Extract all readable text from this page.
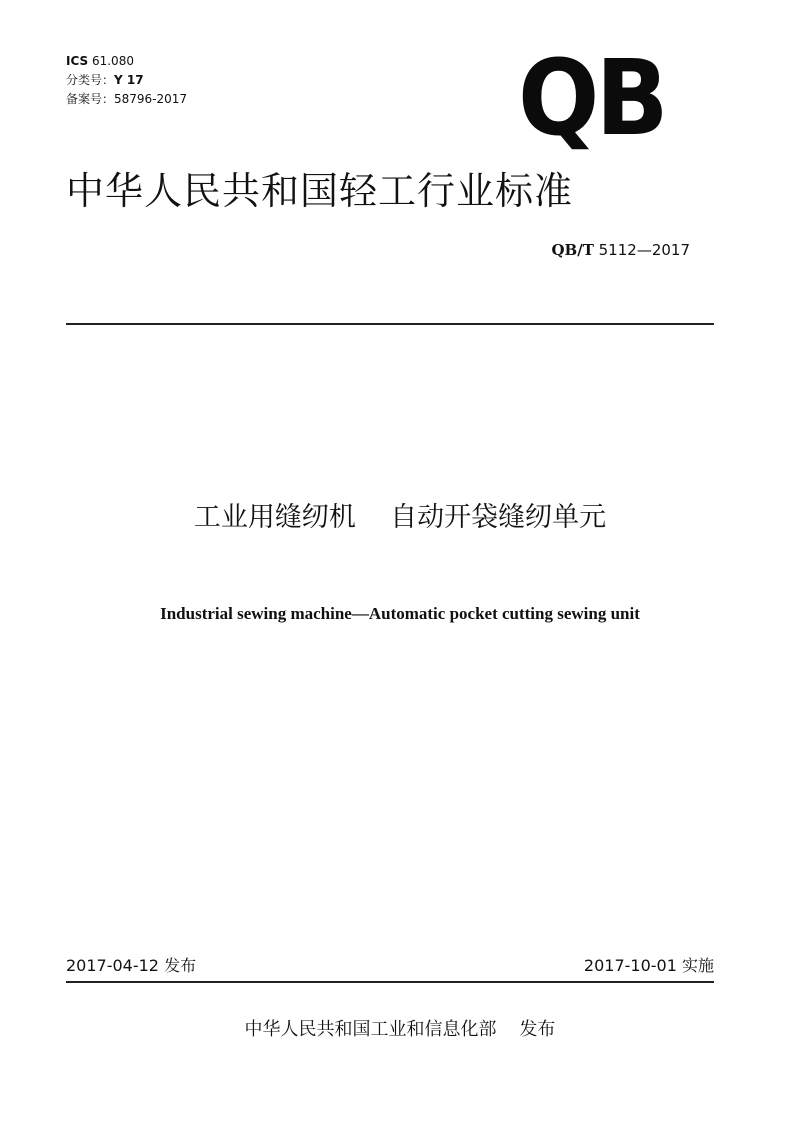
ICS 61.080
分类号：Y 17
备案号：58796-2017	QB
中华人民共和国轻工行业标准
QB/T 5112—2017
工业用缝纫机    自动开袋缝纫单元
Industrial sewing machine—Automatic pocket cutting sewing unit
2017-04-12 发布	2017-10-01 实施
中华人民共和国工业和信息化部    发布
